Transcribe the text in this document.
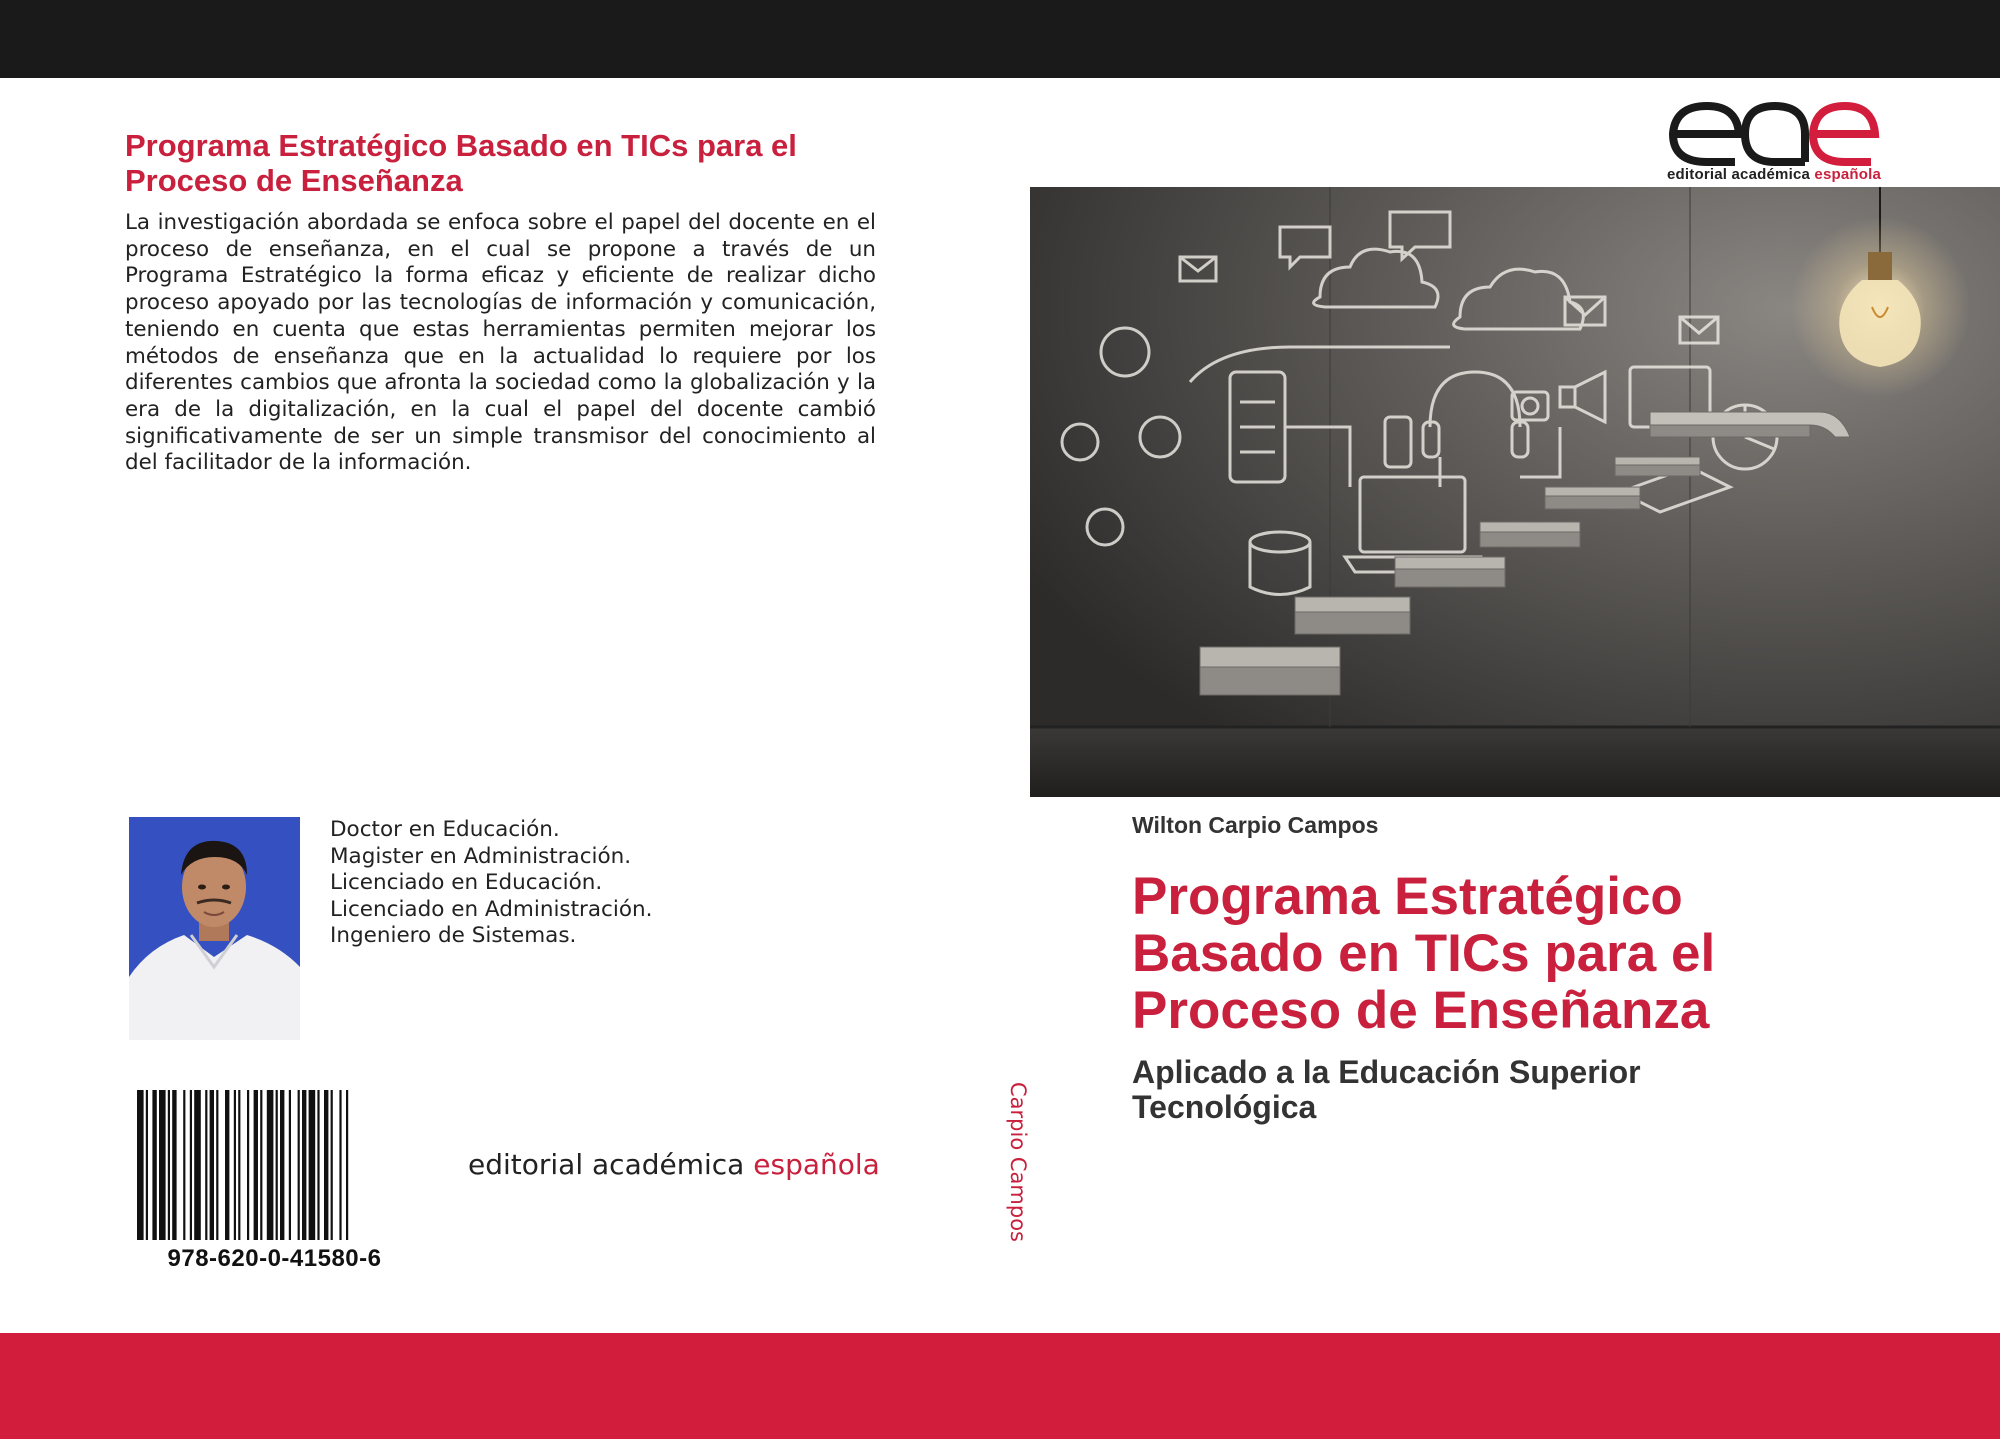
Programa Estratégico Basado en TICs para el
Proceso de Enseñanza
La investigación abordada se enfoca sobre el papel del docente en el proceso de enseñanza, en el cual se propone a través de un Programa Estratégico la forma eficaz y eficiente de realizar dicho proceso apoyado por las tecnologías de información y comunicación, teniendo en cuenta que estas herramientas permiten mejorar los métodos de enseñanza que en la actualidad lo requiere por los diferentes cambios que afronta la sociedad como la globalización y la era de la digitalización, en la cual el papel del docente cambió significativamente de ser un simple transmisor del conocimiento al del facilitador de la información.
Doctor en Educación.
Magister en Administración.
Licenciado en Educación.
Licenciado en Administración.
Ingeniero de Sistemas.
978-620-0-41580-6
editorial académica española	Carpio Campos
editorial académica española
Wilton Carpio Campos
Programa Estratégico
Basado en TICs para el
Proceso de Enseñanza
Aplicado a la Educación Superior
Tecnológica
